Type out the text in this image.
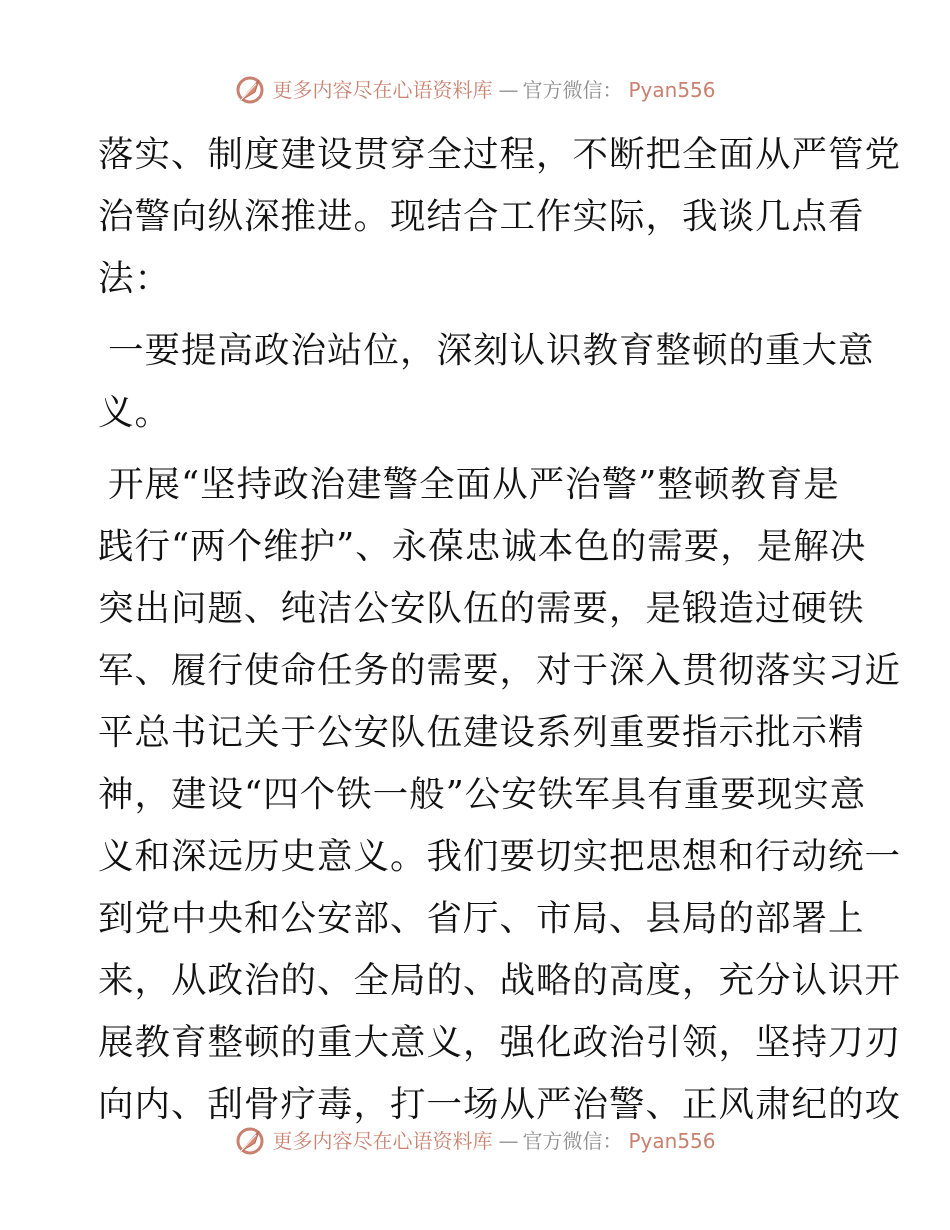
更多内容尽在心语资料库 — 官方微信： Pyan556
落实、制度建设贯穿全过程，不断把全面从严管党
治警向纵深推进。现结合工作实际，我谈几点看
法：
一要提高政治站位，深刻认识教育整顿的重大意
义。
开展“坚持政治建警全面从严治警”整顿教育是
践行“两个维护”、永葆忠诚本色的需要，是解决
突出问题、纯洁公安队伍的需要，是锻造过硬铁
军、履行使命任务的需要，对于深入贯彻落实习近
平总书记关于公安队伍建设系列重要指示批示精
神，建设“四个铁一般”公安铁军具有重要现实意
义和深远历史意义。我们要切实把思想和行动统一
到党中央和公安部、省厅、市局、县局的部署上
来，从政治的、全局的、战略的高度，充分认识开
展教育整顿的重大意义，强化政治引领，坚持刀刃
向内、刮骨疗毒，打一场从严治警、正风肃纪的攻
更多内容尽在心语资料库 — 官方微信： Pyan556
